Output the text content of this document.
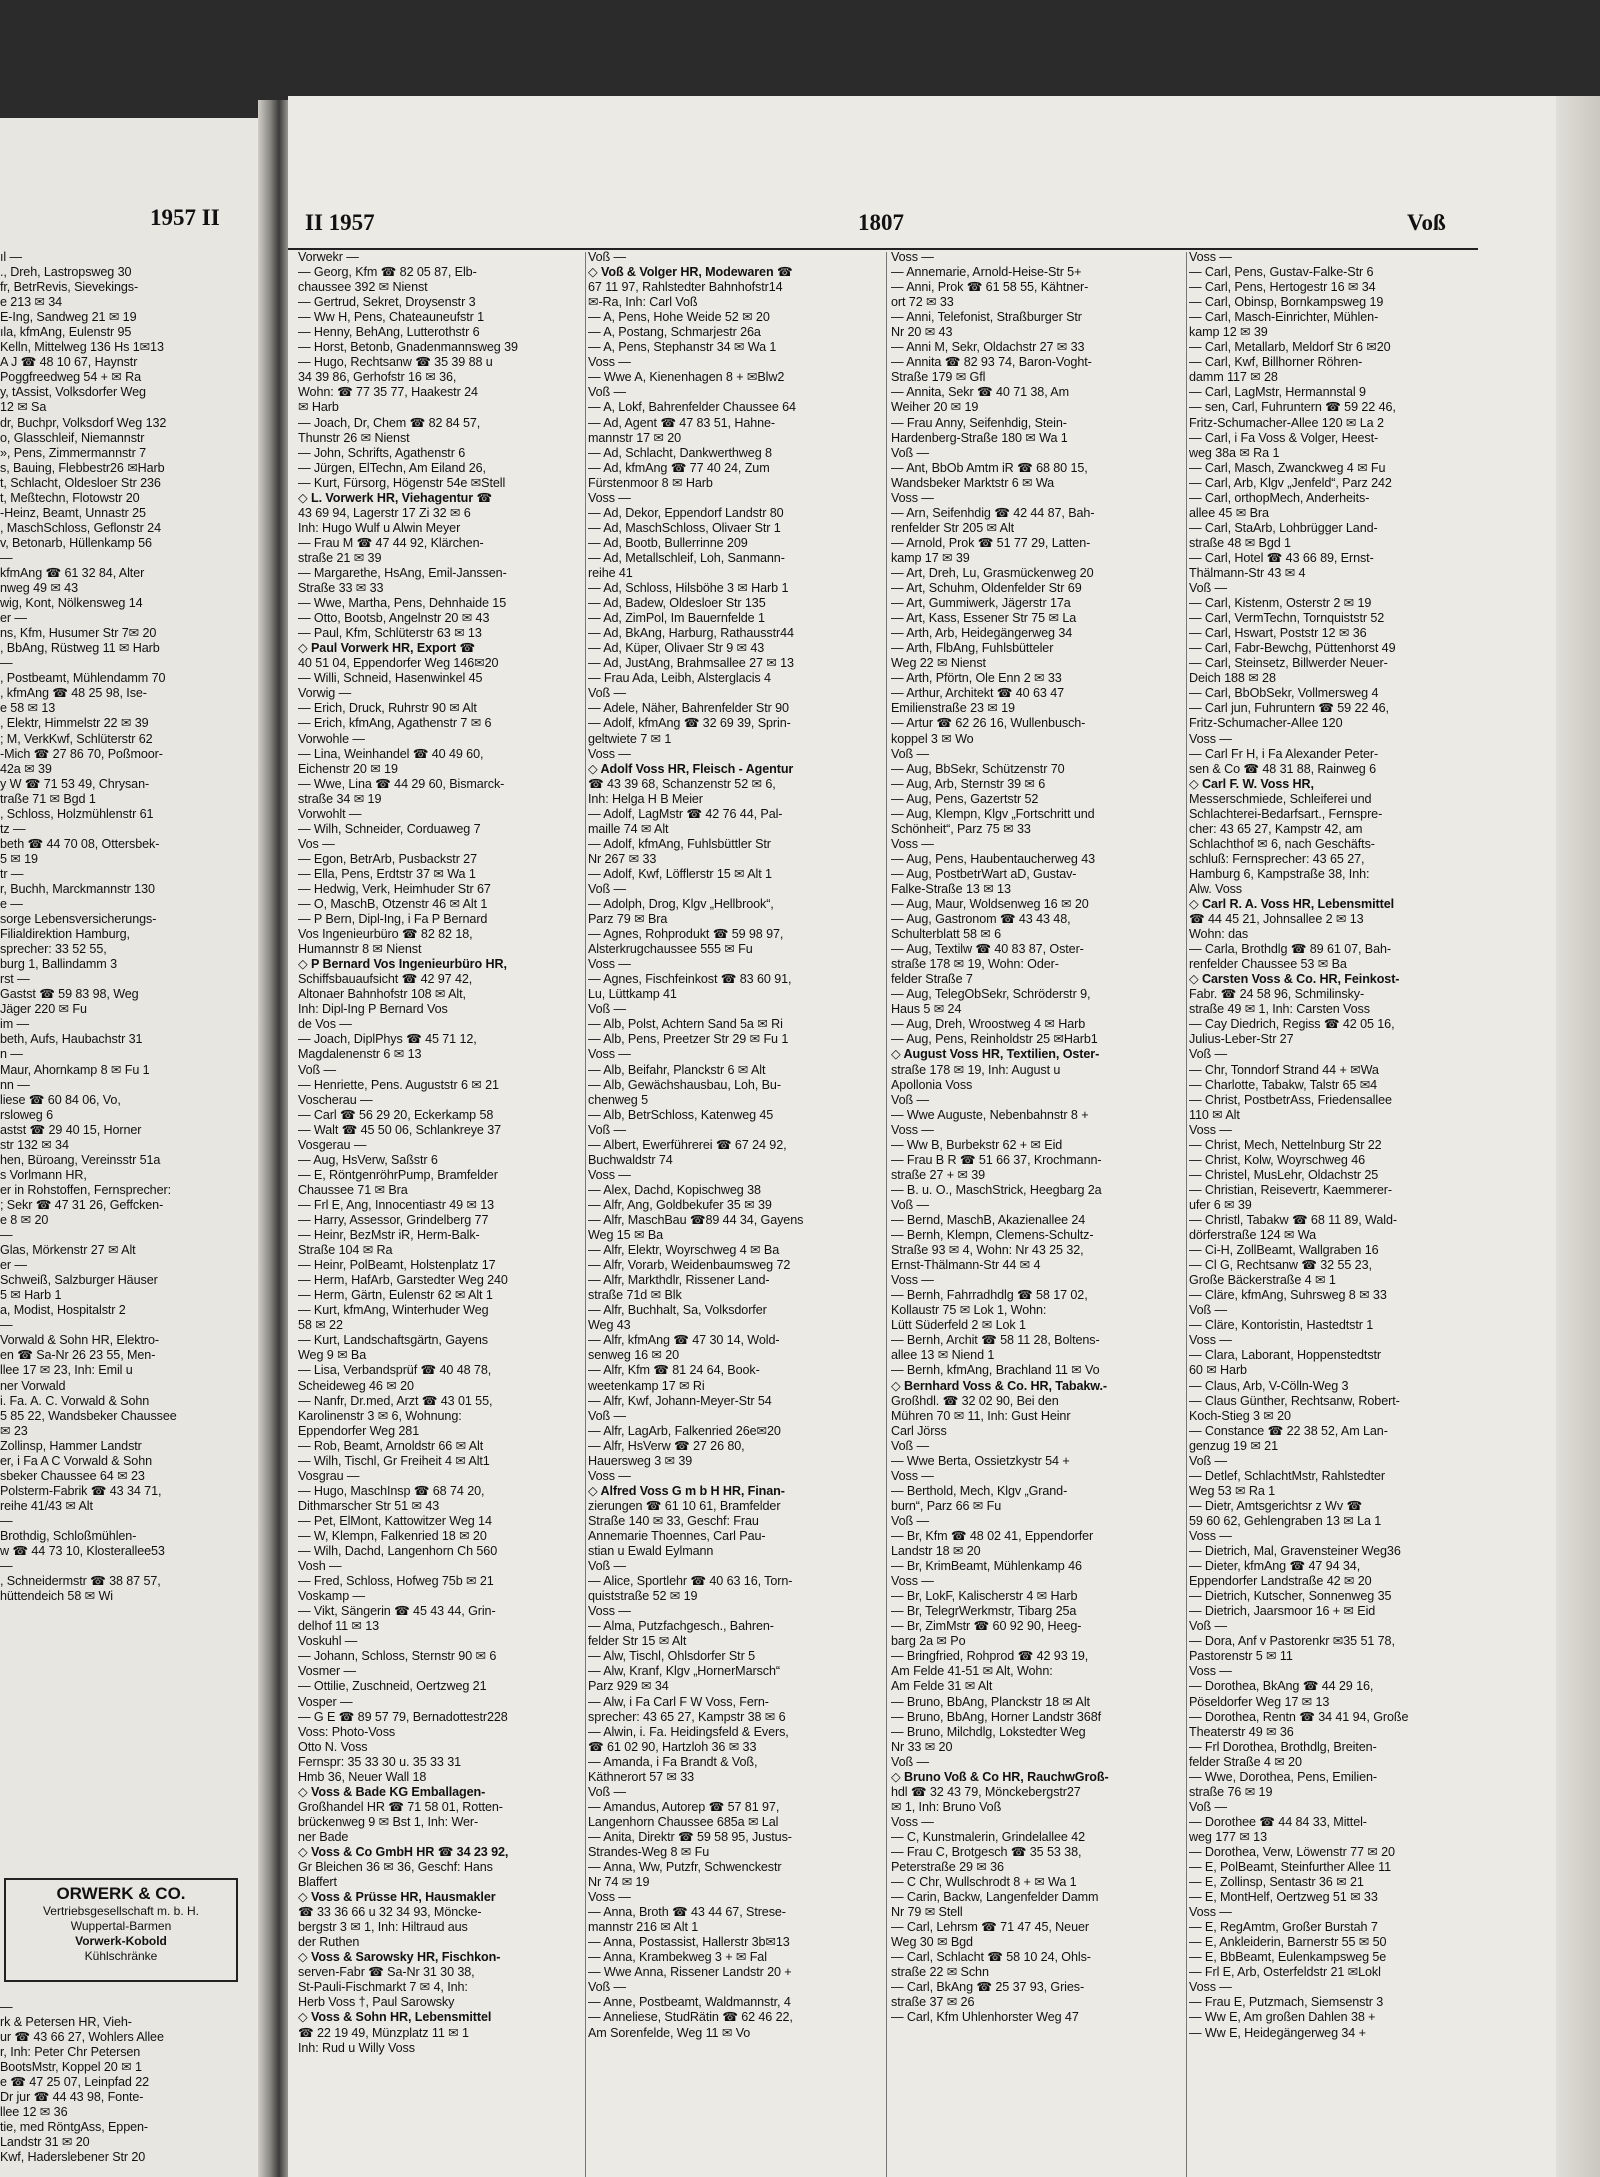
1957 II	II 1957	1807	Voß
ıl —
., Dreh, Lastropsweg 30
fr, BetrRevis, Sievekings-
e 213 ✉ 34
E-Ing, Sandweg 21 ✉ 19
ıla, kfmAng, Eulenstr 95
Kelln, Mittelweg 136 Hs 1✉13
A J ☎ 48 10 67, Haynstr
Poggfreedweg 54 + ✉ Ra
y, tAssist, Volksdorfer Weg
12 ✉ Sa
dr, Buchpr, Volksdorf Weg 132
o, Glasschleif, Niemannstr
», Pens, Zimmermannstr 7
s, Bauing, Flebbestr26 ✉Harb
t, Schlacht, Oldesloer Str 236
t, Meßtechn, Flotowstr 20
-Heinz, Beamt, Unnastr 25
, MaschSchloss, Geflonstr 24
v, Betonarb, Hüllenkamp 56
—
kfmAng ☎ 61 32 84, Alter
nweg 49 ✉ 43
wig, Kont, Nölkensweg 14
er —
ns, Kfm, Husumer Str 7✉ 20
, BbAng, Rüstweg 11 ✉ Harb
—
, Postbeamt, Mühlendamm 70
, kfmAng ☎ 48 25 98, Ise-
e 58 ✉ 13
, Elektr, Himmelstr 22 ✉ 39
; M, VerkKwf, Schlüterstr 62
-Mich ☎ 27 86 70, Poßmoor-
42a ✉ 39
y W ☎ 71 53 49, Chrysan-
traße 71 ✉ Bgd 1
, Schloss, Holzmühlenstr 61
tz —
beth ☎ 44 70 08, Ottersbek-
5 ✉ 19
tr —
r, Buchh, Marckmannstr 130
e —
sorge Lebensversicherungs-
Filialdirektion Hamburg,
sprecher: 33 52 55,
burg 1, Ballindamm 3
rst —
Gastst ☎ 59 83 98, Weg
Jäger 220 ✉ Fu
im —
beth, Aufs, Haubachstr 31
n —
Maur, Ahornkamp 8 ✉ Fu 1
nn —
liese ☎ 60 84 06, Vo,
rsloweg 6
astst ☎ 29 40 15, Horner
str 132 ✉ 34
hen, Büroang, Vereinsstr 51a
s Vorlmann HR,
er in Rohstoffen, Fernsprecher:
; Sekr ☎ 47 31 26, Geffcken-
e 8 ✉ 20
—
Glas, Mörkenstr 27 ✉ Alt
er —
Schweiß, Salzburger Häuser
5 ✉ Harb 1
a, Modist, Hospitalstr 2
—
Vorwald & Sohn HR, Elektro-
en ☎ Sa-Nr 26 23 55, Men-
llee 17 ✉ 23, Inh: Emil u
ner Vorwald
i. Fa. A. C. Vorwald & Sohn
5 85 22, Wandsbeker Chaussee
✉ 23
Zollinsp, Hammer Landstr
er, i Fa A C Vorwald & Sohn
sbeker Chaussee 64 ✉ 23
Polsterm-Fabrik ☎ 43 34 71,
reihe 41/43 ✉ Alt
—
Brothdig, Schloßmühlen-
w ☎ 44 73 10, Klosterallee53
—
, Schneidermstr ☎ 38 87 57,
hüttendeich 58 ✉ Wi
—
rk & Petersen HR, Vieh-
ur ☎ 43 66 27, Wohlers Allee
r, Inh: Peter Chr Petersen
BootsMstr, Koppel 20 ✉ 1
e ☎ 47 25 07, Leinpfad 22
Dr jur ☎ 44 43 98, Fonte-
llee 12 ✉ 36
tie, med RöntgAss, Eppen-
Landstr 31 ✉ 20
Kwf, Haderslebener Str 20
ORWERK & CO.
Vertriebsgesellschaft m. b. H.
Wuppertal-Barmen
Vorwerk-Kobold
Kühlschränke
Vorwekr —
— Georg, Kfm ☎ 82 05 87, Elb-
chaussee 392 ✉ Nienst
— Gertrud, Sekret, Droysenstr 3
— Ww H, Pens, Chateauneufstr 1
— Henny, BehAng, Lutterothstr 6
— Horst, Betonb, Gnadenmannsweg 39
— Hugo, Rechtsanw ☎ 35 39 88 u
34 39 86, Gerhofstr 16 ✉ 36,
Wohn: ☎ 77 35 77, Haakestr 24
✉ Harb
— Joach, Dr, Chem ☎ 82 84 57,
Thunstr 26 ✉ Nienst
— John, Schrifts, Agathenstr 6
— Jürgen, ElTechn, Am Eiland 26,
— Kurt, Fürsorg, Högenstr 54e ✉Stell
◇ L. Vorwerk HR, Viehagentur ☎
43 69 94, Lagerstr 17 Zi 32 ✉ 6
Inh: Hugo Wulf u Alwin Meyer
— Frau M ☎ 47 44 92, Klärchen-
straße 21 ✉ 39
— Margarethe, HsAng, Emil-Janssen-
Straße 33 ✉ 33
— Wwe, Martha, Pens, Dehnhaide 15
— Otto, Bootsb, Angelnstr 20 ✉ 43
— Paul, Kfm, Schlüterstr 63 ✉ 13
◇ Paul Vorwerk HR, Export ☎
40 51 04, Eppendorfer Weg 146✉20
— Willi, Schneid, Hasenwinkel 45
Vorwig —
— Erich, Druck, Ruhrstr 90 ✉ Alt
— Erich, kfmAng, Agathenstr 7 ✉ 6
Vorwohle —
— Lina, Weinhandel ☎ 40 49 60,
Eichenstr 20 ✉ 19
— Wwe, Lina ☎ 44 29 60, Bismarck-
straße 34 ✉ 19
Vorwohlt —
— Wilh, Schneider, Corduaweg 7
Vos —
— Egon, BetrArb, Pusbackstr 27
— Ella, Pens, Erdtstr 37 ✉ Wa 1
— Hedwig, Verk, Heimhuder Str 67
— O, MaschB, Otzenstr 46 ✉ Alt 1
— P Bern, Dipl-Ing, i Fa P Bernard
Vos Ingenieurbüro ☎ 82 82 18,
Humannstr 8 ✉ Nienst
◇ P Bernard Vos Ingenieurbüro HR,
Schiffsbauaufsicht ☎ 42 97 42,
Altonaer Bahnhofstr 108 ✉ Alt,
Inh: Dipl-Ing P Bernard Vos
de Vos —
— Joach, DiplPhys ☎ 45 71 12,
Magdalenenstr 6 ✉ 13
Voß —
— Henriette, Pens. Auguststr 6 ✉ 21
Voscherau —
— Carl ☎ 56 29 20, Eckerkamp 58
— Walt ☎ 45 50 06, Schlankreye 37
Vosgerau —
— Aug, HsVerw, Saßstr 6
— E, RöntgenröhrPump, Bramfelder
Chaussee 71 ✉ Bra
— Frl E, Ang, Innocentiastr 49 ✉ 13
— Harry, Assessor, Grindelberg 77
— Heinr, BezMstr iR, Herm-Balk-
Straße 104 ✉ Ra
— Heinr, PolBeamt, Holstenplatz 17
— Herm, HafArb, Garstedter Weg 240
— Herm, Gärtn, Eulenstr 62 ✉ Alt 1
— Kurt, kfmAng, Winterhuder Weg
58 ✉ 22
— Kurt, Landschaftsgärtn, Gayens
Weg 9 ✉ Ba
— Lisa, Verbandsprüf ☎ 40 48 78,
Scheideweg 46 ✉ 20
— Nanfr, Dr.med, Arzt ☎ 43 01 55,
Karolinenstr 3 ✉ 6, Wohnung:
Eppendorfer Weg 281
— Rob, Beamt, Arnoldstr 66 ✉ Alt
— Wilh, Tischl, Gr Freiheit 4 ✉ Alt1
Vosgrau —
— Hugo, MaschInsp ☎ 68 74 20,
Dithmarscher Str 51 ✉ 43
— Pet, ElMont, Kattowitzer Weg 14
— W, Klempn, Falkenried 18 ✉ 20
— Wilh, Dachd, Langenhorn Ch 560
Vosh —
— Fred, Schloss, Hofweg 75b ✉ 21
Voskamp —
— Vikt, Sängerin ☎ 45 43 44, Grin-
delhof 11 ✉ 13
Voskuhl —
— Johann, Schloss, Sternstr 90 ✉ 6
Vosmer —
— Ottilie, Zuschneid, Oertzweg 21
Vosper —
— G E ☎ 89 57 79, Bernadottestr228
Voss: Photo-Voss
Otto N. Voss
Fernspr: 35 33 30 u. 35 33 31
Hmb 36, Neuer Wall 18
◇ Voss & Bade KG Emballagen-
Großhandel HR ☎ 71 58 01, Rotten-
brückenweg 9 ✉ Bst 1, Inh: Wer-
ner Bade
◇ Voss & Co GmbH HR ☎ 34 23 92,
Gr Bleichen 36 ✉ 36, Geschf: Hans
Blaffert
◇ Voss & Prüsse HR, Hausmakler
☎ 33 36 66 u 32 34 93, Möncke-
bergstr 3 ✉ 1, Inh: Hiltraud aus
der Ruthen
◇ Voss & Sarowsky HR, Fischkon-
serven-Fabr ☎ Sa-Nr 31 30 38,
St-Pauli-Fischmarkt 7 ✉ 4, Inh:
Herb Voss †, Paul Sarowsky
◇ Voss & Sohn HR, Lebensmittel
☎ 22 19 49, Münzplatz 11 ✉ 1
Inh: Rud u Willy Voss
Voß —
◇ Voß & Volger HR, Modewaren ☎
67 11 97, Rahlstedter Bahnhofstr14
✉-Ra, Inh: Carl Voß
— A, Pens, Hohe Weide 52 ✉ 20
— A, Postang, Schmarjestr 26a
— A, Pens, Stephanstr 34 ✉ Wa 1
Voss —
— Wwe A, Kienenhagen 8 + ✉Blw2
Voß —
— A, Lokf, Bahrenfelder Chaussee 64
— Ad, Agent ☎ 47 83 51, Hahne-
mannstr 17 ✉ 20
— Ad, Schlacht, Dankwerthweg 8
— Ad, kfmAng ☎ 77 40 24, Zum
Fürstenmoor 8 ✉ Harb
Voss —
— Ad, Dekor, Eppendorf Landstr 80
— Ad, MaschSchloss, Olivaer Str 1
— Ad, Bootb, Bullerrinne 209
— Ad, Metallschleif, Loh, Sanmann-
reihe 41
— Ad, Schloss, Hilsböhe 3 ✉ Harb 1
— Ad, Badew, Oldesloer Str 135
— Ad, ZimPol, Im Bauernfelde 1
— Ad, BkAng, Harburg, Rathausstr44
— Ad, Küper, Olivaer Str 9 ✉ 43
— Ad, JustAng, Brahmsallee 27 ✉ 13
— Frau Ada, Leibh, Alsterglacis 4
Voß —
— Adele, Näher, Bahrenfelder Str 90
— Adolf, kfmAng ☎ 32 69 39, Sprin-
geltwiete 7 ✉ 1
Voss —
◇ Adolf Voss HR, Fleisch - Agentur
☎ 43 39 68, Schanzenstr 52 ✉ 6,
Inh: Helga H B Meier
— Adolf, LagMstr ☎ 42 76 44, Pal-
maille 74 ✉ Alt
— Adolf, kfmAng, Fuhlsbüttler Str
Nr 267 ✉ 33
— Adolf, Kwf, Löfflerstr 15 ✉ Alt 1
Voß —
— Adolph, Drog, Klgv „Hellbrook“,
Parz 79 ✉ Bra
— Agnes, Rohprodukt ☎ 59 98 97,
Alsterkrugchaussee 555 ✉ Fu
Voss —
— Agnes, Fischfeinkost ☎ 83 60 91,
Lu, Lüttkamp 41
Voß —
— Alb, Polst, Achtern Sand 5a ✉ Ri
— Alb, Pens, Preetzer Str 29 ✉ Fu 1
Voss —
— Alb, Beifahr, Planckstr 6 ✉ Alt
— Alb, Gewächshausbau, Loh, Bu-
chenweg 5
— Alb, BetrSchloss, Katenweg 45
Voß —
— Albert, Ewerführerei ☎ 67 24 92,
Buchwaldstr 74
Voss —
— Alex, Dachd, Kopischweg 38
— Alfr, Ang, Goldbekufer 35 ✉ 39
— Alfr, MaschBau ☎89 44 34, Gayens
Weg 15 ✉ Ba
— Alfr, Elektr, Woyrschweg 4 ✉ Ba
— Alfr, Vorarb, Weidenbaumsweg 72
— Alfr, Markthdlr, Rissener Land-
straße 71d ✉ Blk
— Alfr, Buchhalt, Sa, Volksdorfer
Weg 43
— Alfr, kfmAng ☎ 47 30 14, Wold-
senweg 16 ✉ 20
— Alfr, Kfm ☎ 81 24 64, Book-
weetenkamp 17 ✉ Ri
— Alfr, Kwf, Johann-Meyer-Str 54
Voß —
— Alfr, LagArb, Falkenried 26e✉20
— Alfr, HsVerw ☎ 27 26 80,
Hauersweg 3 ✉ 39
Voss —
◇ Alfred Voss G m b H HR, Finan-
zierungen ☎ 61 10 61, Bramfelder
Straße 140 ✉ 33, Geschf: Frau
Annemarie Thoennes, Carl Pau-
stian u Ewald Eylmann
Voß —
— Alice, Sportlehr ☎ 40 63 16, Torn-
quiststraße 52 ✉ 19
Voss —
— Alma, Putzfachgesch., Bahren-
felder Str 15 ✉ Alt
— Alw, Tischl, Ohlsdorfer Str 5
— Alw, Kranf, Klgv „HornerMarsch“
Parz 929 ✉ 34
— Alw, i Fa Carl F W Voss, Fern-
sprecher: 43 65 27, Kampstr 38 ✉ 6
— Alwin, i. Fa. Heidingsfeld & Evers,
☎ 61 02 90, Hartzloh 36 ✉ 33
— Amanda, i Fa Brandt & Voß,
Käthnerort 57 ✉ 33
Voß —
— Amandus, Autorep ☎ 57 81 97,
Langenhorn Chaussee 685a ✉ Lal
— Anita, Direktr ☎ 59 58 95, Justus-
Strandes-Weg 8 ✉ Fu
— Anna, Ww, Putzfr, Schwenckestr
Nr 74 ✉ 19
Voss —
— Anna, Broth ☎ 43 44 67, Strese-
mannstr 216 ✉ Alt 1
— Anna, Postassist, Hallerstr 3b✉13
— Anna, Krambekweg 3 + ✉ Fal
— Wwe Anna, Rissener Landstr 20 +
Voß —
— Anne, Postbeamt, Waldmannstr, 4
— Anneliese, StudRätin ☎ 62 46 22,
Am Sorenfelde, Weg 11 ✉ Vo
Voss —
— Annemarie, Arnold-Heise-Str 5+
— Anni, Prok ☎ 61 58 55, Kähtner-
ort 72 ✉ 33
— Anni, Telefonist, Straßburger Str
Nr 20 ✉ 43
— Anni M, Sekr, Oldachstr 27 ✉ 33
— Annita ☎ 82 93 74, Baron-Voght-
Straße 179 ✉ Gfl
— Annita, Sekr ☎ 40 71 38, Am
Weiher 20 ✉ 19
— Frau Anny, Seifenhdig, Stein-
Hardenberg-Straße 180 ✉ Wa 1
Voß —
— Ant, BbOb Amtm iR ☎ 68 80 15,
Wandsbeker Marktstr 6 ✉ Wa
Voss —
— Arn, Seifenhdig ☎ 42 44 87, Bah-
renfelder Str 205 ✉ Alt
— Arnold, Prok ☎ 51 77 29, Latten-
kamp 17 ✉ 39
— Art, Dreh, Lu, Grasmückenweg 20
— Art, Schuhm, Oldenfelder Str 69
— Art, Gummiwerk, Jägerstr 17a
— Art, Kass, Essener Str 75 ✉ La
— Arth, Arb, Heidegängerweg 34
— Arth, FlbAng, Fuhlsbütteler
Weg 22 ✉ Nienst
— Arth, Pförtn, Ole Enn 2 ✉ 33
— Arthur, Architekt ☎ 40 63 47
Emilienstraße 23 ✉ 19
— Artur ☎ 62 26 16, Wullenbusch-
koppel 3 ✉ Wo
Voß —
— Aug, BbSekr, Schützenstr 70
— Aug, Arb, Sternstr 39 ✉ 6
— Aug, Pens, Gazertstr 52
— Aug, Klempn, Klgv „Fortschritt und
Schönheit“, Parz 75 ✉ 33
Voss —
— Aug, Pens, Haubentaucherweg 43
— Aug, PostbetrWart aD, Gustav-
Falke-Straße 13 ✉ 13
— Aug, Maur, Woldsenweg 16 ✉ 20
— Aug, Gastronom ☎ 43 43 48,
Schulterblatt 58 ✉ 6
— Aug, Textilw ☎ 40 83 87, Oster-
straße 178 ✉ 19, Wohn: Oder-
felder Straße 7
— Aug, TelegObSekr, Schröderstr 9,
Haus 5 ✉ 24
— Aug, Dreh, Wroostweg 4 ✉ Harb
— Aug, Pens, Reinholdstr 25 ✉Harb1
◇ August Voss HR, Textilien, Oster-
straße 178 ✉ 19, Inh: August u
Apollonia Voss
Voß —
— Wwe Auguste, Nebenbahnstr 8 +
Voss —
— Ww B, Burbekstr 62 + ✉ Eid
— Frau B R ☎ 51 66 37, Krochmann-
straße 27 + ✉ 39
— B. u. O., MaschStrick, Heegbarg 2a
Voß —
— Bernd, MaschB, Akazienallee 24
— Bernh, Klempn, Clemens-Schultz-
Straße 93 ✉ 4, Wohn: Nr 43 25 32,
Ernst-Thälmann-Str 44 ✉ 4
Voss —
— Bernh, Fahrradhdlg ☎ 58 17 02,
Kollaustr 75 ✉ Lok 1, Wohn:
Lütt Süderfeld 2 ✉ Lok 1
— Bernh, Archit ☎ 58 11 28, Boltens-
allee 13 ✉ Niend 1
— Bernh, kfmAng, Brachland 11 ✉ Vo
◇ Bernhard Voss & Co. HR, Tabakw.-
Großhdl. ☎ 32 02 90, Bei den
Mühren 70 ✉ 11, Inh: Gust Heinr
Carl Jörss
Voß —
— Wwe Berta, Ossietzkystr 54 +
Voss —
— Berthold, Mech, Klgv „Grand-
burn“, Parz 66 ✉ Fu
Voß —
— Br, Kfm ☎ 48 02 41, Eppendorfer
Landstr 18 ✉ 20
— Br, KrimBeamt, Mühlenkamp 46
Voss —
— Br, LokF, Kalischerstr 4 ✉ Harb
— Br, TelegrWerkmstr, Tibarg 25a
— Br, ZimMstr ☎ 60 92 90, Heeg-
barg 2a ✉ Po
— Bringfried, Rohprod ☎ 42 93 19,
Am Felde 41-51 ✉ Alt, Wohn:
Am Felde 31 ✉ Alt
— Bruno, BbAng, Planckstr 18 ✉ Alt
— Bruno, BbAng, Horner Landstr 368f
— Bruno, Milchdlg, Lokstedter Weg
Nr 33 ✉ 20
Voß —
◇ Bruno Voß & Co HR, RauchwGroß-
hdl ☎ 32 43 79, Mönckebergstr27
✉ 1, Inh: Bruno Voß
Voss —
— C, Kunstmalerin, Grindelallee 42
— Frau C, Brotgesch ☎ 35 53 38,
Peterstraße 29 ✉ 36
— C Chr, Wullschrodt 8 + ✉ Wa 1
— Carin, Backw, Langenfelder Damm
Nr 79 ✉ Stell
— Carl, Lehrsm ☎ 71 47 45, Neuer
Weg 30 ✉ Bgd
— Carl, Schlacht ☎ 58 10 24, Ohls-
straße 22 ✉ Schn
— Carl, BkAng ☎ 25 37 93, Gries-
straße 37 ✉ 26
— Carl, Kfm Uhlenhorster Weg 47
Voss —
— Carl, Pens, Gustav-Falke-Str 6
— Carl, Pens, Hertogestr 16 ✉ 34
— Carl, Obinsp, Bornkampsweg 19
— Carl, Masch-Einrichter, Mühlen-
kamp 12 ✉ 39
— Carl, Metallarb, Meldorf Str 6 ✉20
— Carl, Kwf, Billhorner Röhren-
damm 117 ✉ 28
— Carl, LagMstr, Hermannstal 9
— sen, Carl, Fuhruntern ☎ 59 22 46,
Fritz-Schumacher-Allee 120 ✉ La 2
— Carl, i Fa Voss & Volger, Heest-
weg 38a ✉ Ra 1
— Carl, Masch, Zwanckweg 4 ✉ Fu
— Carl, Arb, Klgv „Jenfeld“, Parz 242
— Carl, orthopMech, Anderheits-
allee 45 ✉ Bra
— Carl, StaArb, Lohbrügger Land-
straße 48 ✉ Bgd 1
— Carl, Hotel ☎ 43 66 89, Ernst-
Thälmann-Str 43 ✉ 4
Voß —
— Carl, Kistenm, Osterstr 2 ✉ 19
— Carl, VermTechn, Tornquiststr 52
— Carl, Hswart, Poststr 12 ✉ 36
— Carl, Fabr-Bewchg, Püttenhorst 49
— Carl, Steinsetz, Billwerder Neuer-
Deich 188 ✉ 28
— Carl, BbObSekr, Vollmersweg 4
— Carl jun, Fuhruntern ☎ 59 22 46,
Fritz-Schumacher-Allee 120
Voss —
— Carl Fr H, i Fa Alexander Peter-
sen & Co ☎ 48 31 88, Rainweg 6
◇ Carl F. W. Voss HR,
Messerschmiede, Schleiferei und
Schlachterei-Bedarfsart., Fernspre-
cher: 43 65 27, Kampstr 42, am
Schlachthof ✉ 6, nach Geschäfts-
schluß: Fernsprecher: 43 65 27,
Hamburg 6, Kampstraße 38, Inh:
Alw. Voss
◇ Carl R. A. Voss HR, Lebensmittel
☎ 44 45 21, Johnsallee 2 ✉ 13
Wohn: das
— Carla, Brothdlg ☎ 89 61 07, Bah-
renfelder Chaussee 53 ✉ Ba
◇ Carsten Voss & Co. HR, Feinkost-
Fabr. ☎ 24 58 96, Schmilinsky-
straße 49 ✉ 1, Inh: Carsten Voss
— Cay Diedrich, Regiss ☎ 42 05 16,
Julius-Leber-Str 27
Voß —
— Chr, Tonndorf Strand 44 + ✉Wa
— Charlotte, Tabakw, Talstr 65 ✉4
— Christ, PostbetrAss, Friedensallee
110 ✉ Alt
Voss —
— Christ, Mech, Nettelnburg Str 22
— Christ, Kolw, Woyrschweg 46
— Christel, MusLehr, Oldachstr 25
— Christian, Reisevertr, Kaemmerer-
ufer 6 ✉ 39
— Christl, Tabakw ☎ 68 11 89, Wald-
dörferstraße 124 ✉ Wa
— Ci-H, ZollBeamt, Wallgraben 16
— Cl G, Rechtsanw ☎ 32 55 23,
Große Bäckerstraße 4 ✉ 1
— Cläre, kfmAng, Suhrsweg 8 ✉ 33
Voß —
— Cläre, Kontoristin, Hastedtstr 1
Voss —
— Clara, Laborant, Hoppenstedtstr
60 ✉ Harb
— Claus, Arb, V-Cölln-Weg 3
— Claus Günther, Rechtsanw, Robert-
Koch-Stieg 3 ✉ 20
— Constance ☎ 22 38 52, Am Lan-
genzug 19 ✉ 21
Voß —
— Detlef, SchlachtMstr, Rahlstedter
Weg 53 ✉ Ra 1
— Dietr, Amtsgerichtsr z Wv ☎
59 60 62, Gehlengraben 13 ✉ La 1
Voss —
— Dietrich, Mal, Gravensteiner Weg36
— Dieter, kfmAng ☎ 47 94 34,
Eppendorfer Landstraße 42 ✉ 20
— Dietrich, Kutscher, Sonnenweg 35
— Dietrich, Jaarsmoor 16 + ✉ Eid
Voß —
— Dora, Anf v Pastorenkr ✉35 51 78,
Pastorenstr 5 ✉ 11
Voss —
— Dorothea, BkAng ☎ 44 29 16,
Pöseldorfer Weg 17 ✉ 13
— Dorothea, Rentn ☎ 34 41 94, Große
Theaterstr 49 ✉ 36
— Frl Dorothea, Brothdlg, Breiten-
felder Straße 4 ✉ 20
— Wwe, Dorothea, Pens, Emilien-
straße 76 ✉ 19
Voß —
— Dorothee ☎ 44 84 33, Mittel-
weg 177 ✉ 13
— Dorothea, Verw, Löwenstr 77 ✉ 20
— E, PolBeamt, Steinfurther Allee 11
— E, Zollinsp, Sentastr 36 ✉ 21
— E, MontHelf, Oertzweg 51 ✉ 33
Voss —
— E, RegAmtm, Großer Burstah 7
— E, Ankleiderin, Barnerstr 55 ✉ 50
— E, BbBeamt, Eulenkampsweg 5e
— Frl E, Arb, Osterfeldstr 21 ✉Lokl
Voss —
— Frau E, Putzmach, Siemsenstr 3
— Ww E, Am großen Dahlen 38 +
— Ww E, Heidegängerweg 34 +
